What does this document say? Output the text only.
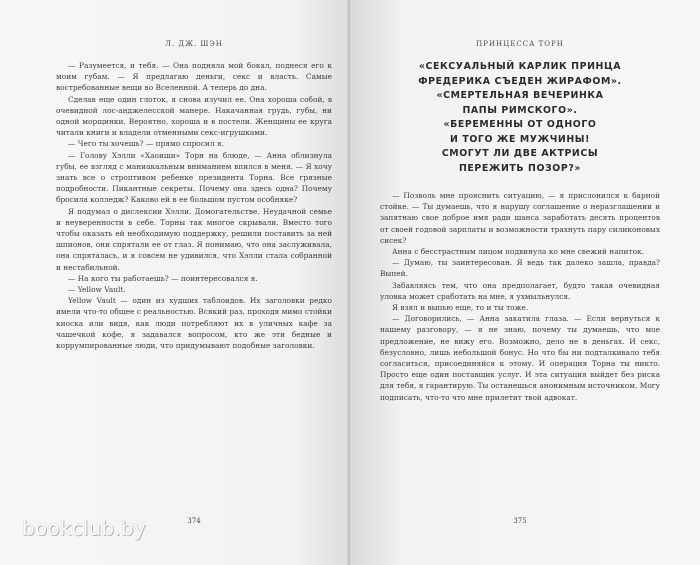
Л. ДЖ. ШЭН

— Разумеется, и тебя. — Она подняла мой бокал, поднеся его к моим губам. — Я предлагаю деньги, секс и власть. Самые востребованные вещи во Вселенной. А теперь до дна.

Сделав еще один глоток, я снова изучил ее. Она хороша собой, в очевидной лос-анджелесской манере. Накачанная грудь, губы, ни одной морщинки. Вероятно, хороша и в постели. Женщины ее круга читали книги и владели отменными секс-игрушками.

— Чего ты хочешь? — прямо спросил я.

— Голову Хэлли «Хаоиши» Торн на блюде, — Анна облизнула губы, ее взгляд с маниакальным вниманием впился в меня. — Я хочу знать все о строптивом ребенке президента Торна. Все грязные подробности. Пикантные секреты. Почему она здесь одна? Почему бросила колледж? Каково ей в ее большом пустом особняке?

Я подумал о дислексии Хэлли. Домогательстве. Неудачной семье и неуверенности в себе. Торны так многое скрывали. Вместо того чтобы оказать ей необходимую поддержку, решили поставить за ней шпионов, они спрятали ее от глаз. Я понимаю, что она заслуживала, она спряталась, и я совсем не удивился, что Хэлли стала собранной и нестабильной.

— На кого ты работаешь? — поинтересовался я.

— Yellow Vault.

Yellow Vault — один из худших таблоидов. Их заголовки редко имели что-то общее с реальностью. Всякий раз, проходя мимо стойки киоска или видя, как люди потребляют их в уличных кафе за чашечкой кофе, я задавался вопросом, кто же эти бедные и коррумпированные люди, что придумывают подобные заголовки.

374
ПРИНЦЕССА ТОРН
«СЕКСУАЛЬНЫЙ КАРЛИК ПРИНЦА
ФРЕДЕРИКА СЪЕДЕН ЖИРАФОМ».
«СМЕРТЕЛЬНАЯ ВЕЧЕРИНКА
ПАПЫ РИМСКОГО».
«БЕРЕМЕННЫ ОТ ОДНОГО
И ТОГО ЖЕ МУЖЧИНЫ!
СМОГУТ ЛИ ДВЕ АКТРИСЫ
ПЕРЕЖИТЬ ПОЗОР?»

— Позволь мне прояснить ситуацию, — я прислонился к барной стойке. — Ты думаешь, что я нарушу соглашение о неразглашении и запятнаю свое доброе имя ради шанса заработать десять процентов от своей годовой зарплаты и возможности трахнуть пару силиконовых сисек?

Анна с бесстрастным лицом подвинула ко мне свежий напиток.

— Думаю, ты заинтересован. Я ведь так далеко зашла, правда? Выпей.

Забавляясь тем, что она предполагает, будто такая очевидная уловка может сработать на мне, я ухмыльнулся.

Я взял и выпью еще, то и ты тоже.

— Договорились, — Анна закатила глаза. — Если вернуться к нашему разговору, — я не знаю, почему ты думаешь, что мое предложение, не вижу его. Возможно, дело не в деньгах. И секс, безусловно, лишь небольшой бонус. Но что бы ни подталкивало тебя согласиться, присоединяйся к этому. И операция Торна ты никто. Просто еще один поставщик услуг. И эта ситуация выйдет без риска для тебя, я гарантирую. Ты останешься анонимным источником. Могу подписать, что-то что мне прилетит твой адвокат.

375
bookclub.by
